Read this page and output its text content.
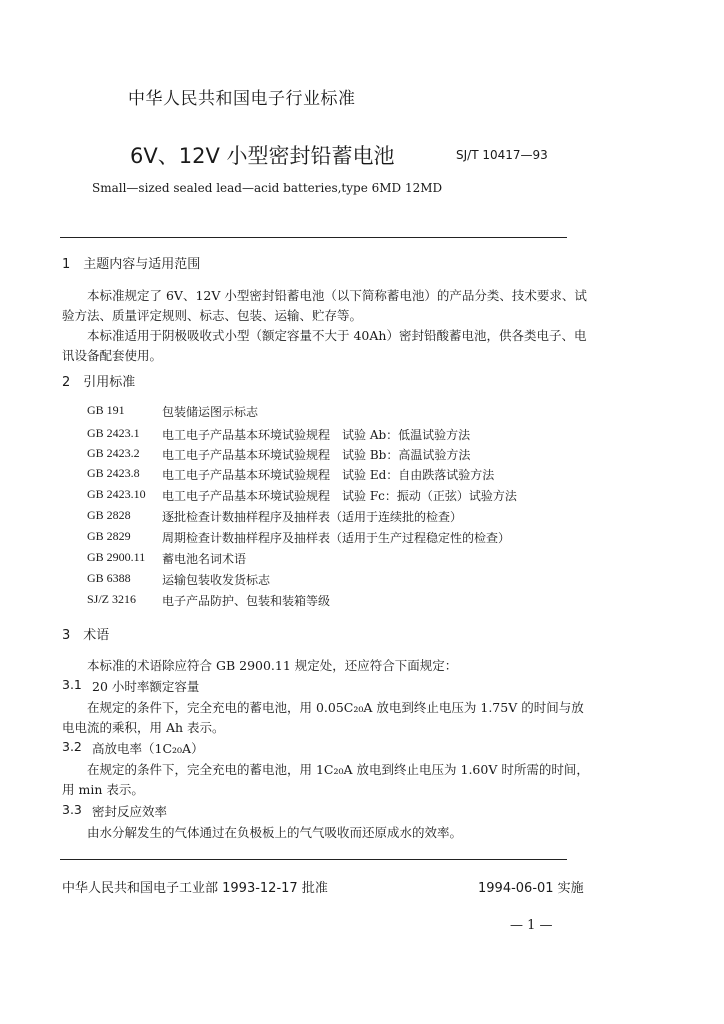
中华人民共和国电子行业标准
6V、12V 小型密封铅蓄电池	SJ/T 10417—93
Small—sized sealed lead—acid batteries,type 6MD 12MD
1　主题内容与适用范围
本标准规定了 6V、12V 小型密封铅蓄电池（以下简称蓄电池）的产品分类、技术要求、试
验方法、质量评定规则、标志、包装、运输、贮存等。
本标准适用于阴极吸收式小型（额定容量不大于 40Ah）密封铅酸蓄电池，供各类电子、电
讯设备配套使用。
2　引用标准
GB 191	包装储运图示标志
GB 2423.1 电工电子产品基本环境试验规程　试验 Ab：低温试验方法
GB 2423.2 电工电子产品基本环境试验规程　试验 Bb：高温试验方法
GB 2423.8 电工电子产品基本环境试验规程　试验 Ed：自由跌落试验方法
GB 2423.10 电工电子产品基本环境试验规程　试验 Fc：振动（正弦）试验方法
GB 2828	逐批检查计数抽样程序及抽样表（适用于连续批的检查）
GB 2829	周期检查计数抽样程序及抽样表（适用于生产过程稳定性的检查）
GB 2900.11 蓄电池名词术语
GB 6388	运输包装收发货标志
SJ/Z 3216 电子产品防护、包装和装箱等级
3　术语
本标准的术语除应符合 GB 2900.11 规定处，还应符合下面规定：
3.1 20 小时率额定容量
在规定的条件下，完全充电的蓄电池，用 0.05C₂₀A 放电到终止电压为 1.75V 的时间与放
电电流的乘积，用 Ah 表示。
3.2 高放电率（1C₂₀A）
在规定的条件下，完全充电的蓄电池，用 1C₂₀A 放电到终止电压为 1.60V 时所需的时间，
用 min 表示。
3.3 密封反应效率
由水分解发生的气体通过在负极板上的气气吸收而还原成水的效率。
中华人民共和国电子工业部 1993-12-17 批准	1994-06-01 实施
— 1 —
